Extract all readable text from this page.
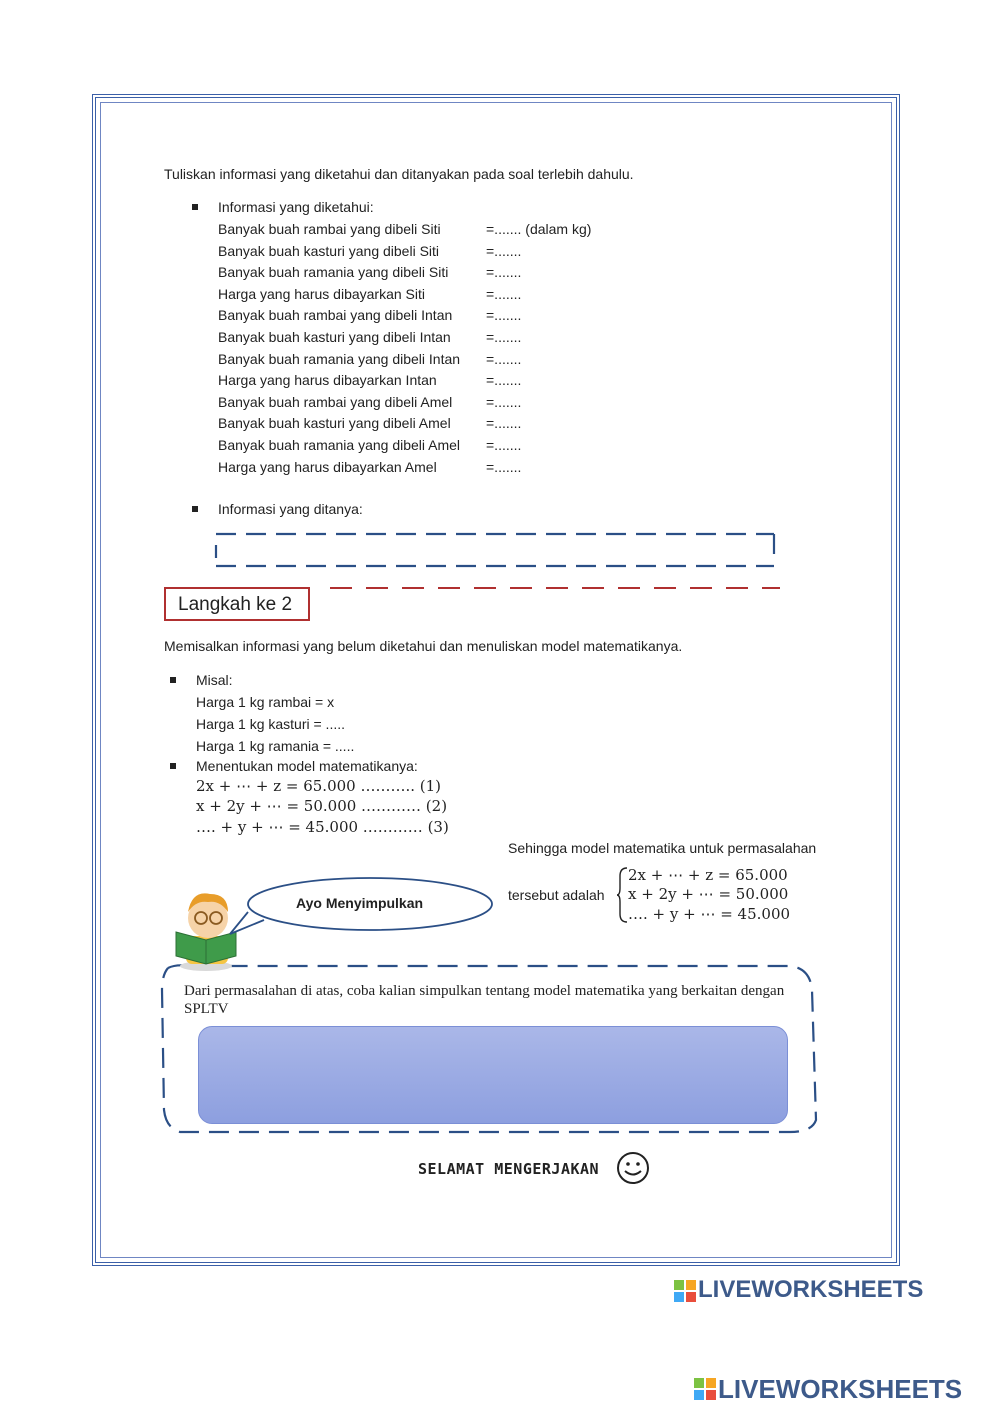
Tuliskan informasi yang diketahui dan ditanyakan pada soal terlebih dahulu.
Informasi yang diketahui:
Banyak buah rambai yang dibeli Siti	=....... (dalam kg)
Banyak buah kasturi yang dibeli Siti	=.......
Banyak buah ramania yang dibeli Siti	=.......
Harga yang harus dibayarkan Siti	=.......
Banyak buah rambai yang dibeli Intan =.......
Banyak buah kasturi yang dibeli Intan	=.......
Banyak buah ramania yang dibeli Intan =.......
Harga yang harus dibayarkan Intan	=.......
Banyak buah rambai yang dibeli Amel =.......
Banyak buah kasturi yang dibeli Amel	=.......
Banyak buah ramania yang dibeli Amel =.......
Harga yang harus dibayarkan Amel	=.......
Informasi yang ditanya:
Langkah ke 2
Memisalkan informasi yang belum diketahui dan menuliskan model matematikanya.
Misal:
Harga 1 kg rambai = x
Harga 1 kg kasturi = .....
Harga 1 kg ramania = .....
Menentukan model matematikanya:
2x + ⋯ + z = 65.000 ……….. (1)
x + 2y + ⋯ = 50.000 ………… (2)
…. + y + ⋯ = 45.000 ………… (3)
Sehingga model matematika untuk permasalahan
tersebut adalah
2x + ⋯ + z = 65.000
x + 2y + ⋯ = 50.000
…. + y + ⋯ = 45.000
Ayo Menyimpulkan
Dari permasalahan di atas, coba kalian simpulkan tentang model matematika yang berkaitan dengan SPLTV
SELAMAT MENGERJAKAN
LIVEWORKSHEETS
LIVEWORKSHEETS
